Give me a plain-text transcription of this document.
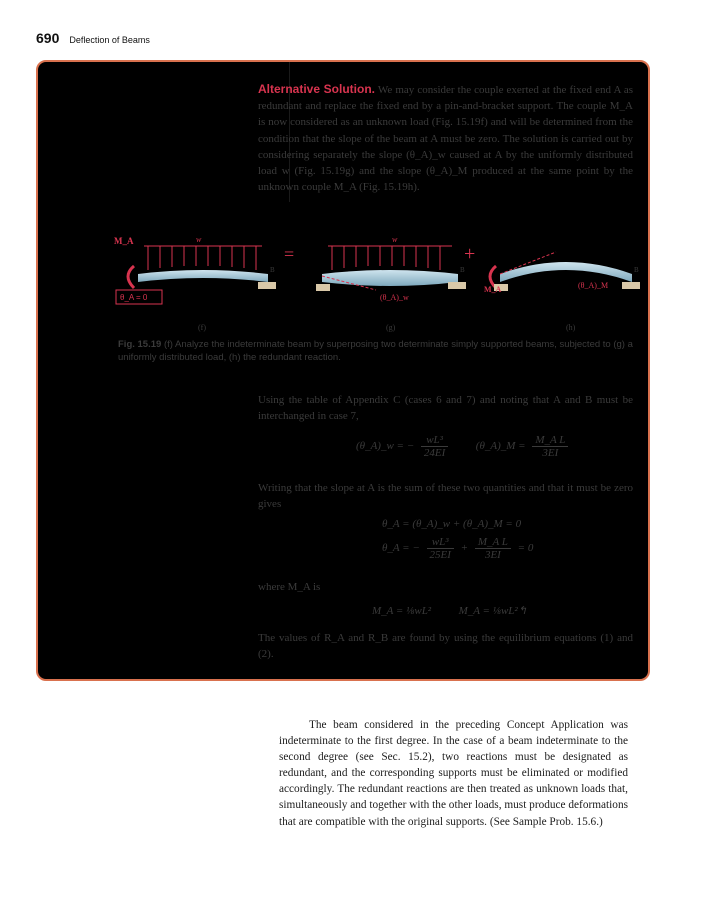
690 Deflection of Beams
Alternative Solution. We may consider the couple exerted at the fixed end A as redundant and replace the fixed end by a pin-and-bracket support. The couple M_A is now considered as an unknown load (Fig. 15.19f) and will be determined from the condition that the slope of the beam at A must be zero. The solution is carried out by considering separately the slope (θ_A)_w caused at A by the uniformly distributed load w (Fig. 15.19g) and the slope (θ_A)_M produced at the same point by the unknown couple M_A (Fig. 15.19h).
M_A	w
B
θ_A = 0
=
w
B
(θ_A)_w
+
M_A
B
(θ_A)_M
(f)	(g)	(h)
Fig. 15.19 (f) Analyze the indeterminate beam by superposing two determinate simply supported beams, subjected to (g) a uniformly distributed load, (h) the redundant reaction.
Using the table of Appendix C (cases 6 and 7) and noting that A and B must be interchanged in case 7,
(θ_A)_w = − $\frac{\text{wL³}}{24EI}$	(θ_A)_M = $\frac{\text{M\_A L}}{3EI}$
Writing that the slope at A is the sum of these two quantities and that it must be zero gives
θ_A = (θ_A)_w + (θ_A)_M = 0
θ_A = − $\frac{\text{wL³}}{25EI} + \frac{\text{M\_A L}}{3EI} = 0$
where M_A is
M_A = ⅛wL²	M_A = ⅛wL²↰
The values of R_A and R_B are found by using the equilibrium equations (1) and (2).
The beam considered in the preceding Concept Application was indeterminate to the first degree. In the case of a beam indeterminate to the second degree (see Sec. 15.2), two reactions must be designated as redundant, and the corresponding supports must be eliminated or modified accordingly. The redundant reactions are then treated as unknown loads that, simultaneously and together with the other loads, must produce deformations that are compatible with the original supports. (See Sample Prob. 15.6.)
